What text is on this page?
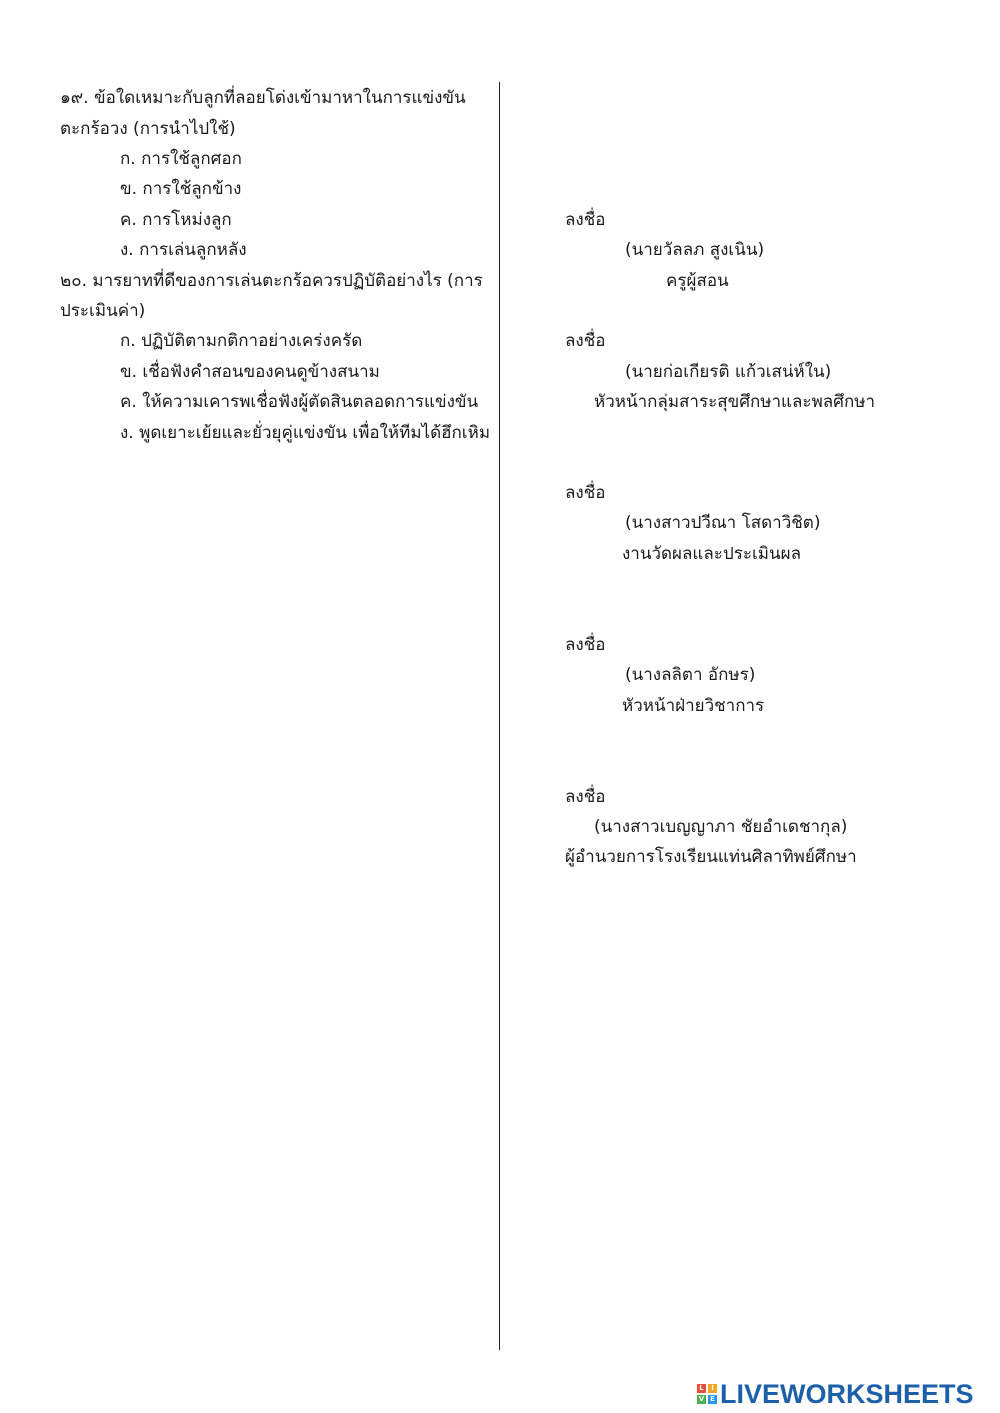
๑๙. ข้อใดเหมาะกับลูกที่ลอยโด่งเข้ามาหาในการแข่งขัน
ตะกร้อวง (การนำไปใช้)
ก. การใช้ลูกศอก
ข. การใช้ลูกข้าง
ค. การโหม่งลูก
ง. การเล่นลูกหลัง
๒๐. มารยาทที่ดีของการเล่นตะกร้อควรปฏิบัติอย่างไร (การ
ประเมินค่า)
ก. ปฏิบัติตามกติกาอย่างเคร่งครัด
ข. เชื่อฟังคำสอนของคนดูข้างสนาม
ค. ให้ความเคารพเชื่อฟังผู้ตัดสินตลอดการแข่งขัน
ง. พูดเยาะเย้ยและยั่วยุคู่แข่งขัน เพื่อให้ทีมได้ฮึกเหิม
ลงชื่อ
(นายวัลลภ สูงเนิน)
ครูผู้สอน
ลงชื่อ
(นายก่อเกียรติ แก้วเสน่ห์ใน)
หัวหน้ากลุ่มสาระสุขศึกษาและพลศึกษา
ลงชื่อ
(นางสาวปวีณา โสดาวิชิต)
งานวัดผลและประเมินผล
ลงชื่อ
(นางลลิตา อักษร)
หัวหน้าฝ่ายวิชาการ
ลงชื่อ
(นางสาวเบญญาภา ชัยอำเดชากุล)
ผู้อำนวยการโรงเรียนแท่นศิลาทิพย์ศึกษา
L	I
V E LIVEWORKSHEETS
